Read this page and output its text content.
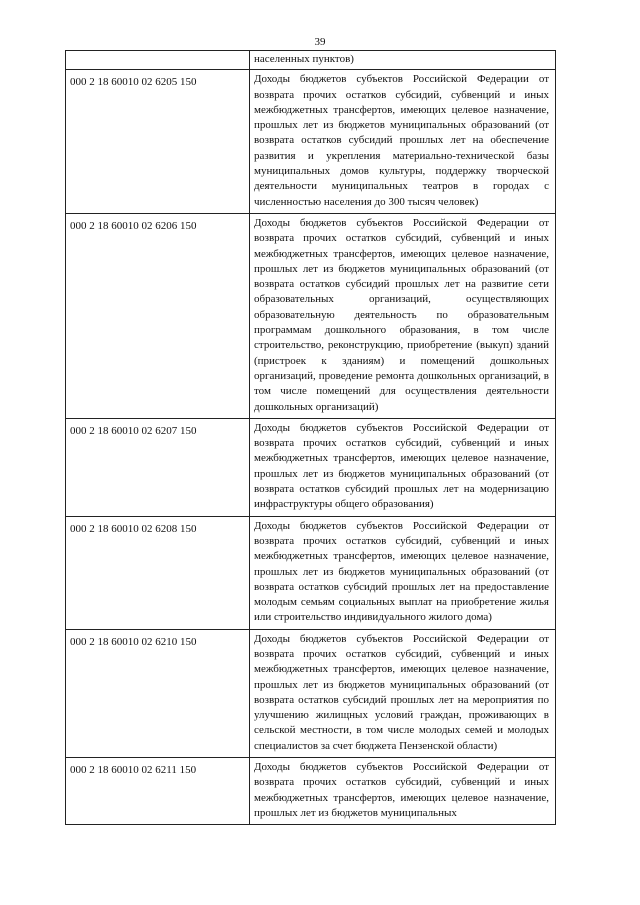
39
	населенных пунктов)
000 2 18 60010 02 6205 150	Доходы бюджетов субъектов Российской Федерации от возврата прочих остатков субсидий, субвенций и иных межбюджетных трансфертов, имеющих целевое назначение, прошлых лет из бюджетов муниципальных образований (от возврата остатков субсидий прошлых лет на обеспечение развития и укрепления материально-технической базы муниципальных домов культуры, поддержку творческой деятельности муниципальных театров в городах с численностью населения до 300 тысяч человек)
000 2 18 60010 02 6206 150	Доходы бюджетов субъектов Российской Федерации от возврата прочих остатков субсидий, субвенций и иных межбюджетных трансфертов, имеющих целевое назначение, прошлых лет из бюджетов муниципальных образований (от возврата остатков субсидий прошлых лет на развитие сети образовательных организаций, осуществляющих образовательную деятельность по образовательным программам дошкольного образования, в том числе строительство, реконструкцию, приобретение (выкуп) зданий (пристроек к зданиям) и помещений дошкольных организаций, проведение ремонта дошкольных организаций, в том числе помещений для осуществления деятельности дошкольных организаций)
000 2 18 60010 02 6207 150	Доходы бюджетов субъектов Российской Федерации от возврата прочих остатков субсидий, субвенций и иных межбюджетных трансфертов, имеющих целевое назначение, прошлых лет из бюджетов муниципальных образований (от возврата остатков субсидий прошлых лет на модернизацию инфраструктуры общего образования)
000 2 18 60010 02 6208 150	Доходы бюджетов субъектов Российской Федерации от возврата прочих остатков субсидий, субвенций и иных межбюджетных трансфертов, имеющих целевое назначение, прошлых лет из бюджетов муниципальных образований (от возврата остатков субсидий прошлых лет на предоставление молодым семьям социальных выплат на приобретение жилья или строительство индивидуального жилого дома)
000 2 18 60010 02 6210 150	Доходы бюджетов субъектов Российской Федерации от возврата прочих остатков субсидий, субвенций и иных межбюджетных трансфертов, имеющих целевое назначение, прошлых лет из бюджетов муниципальных образований (от возврата остатков субсидий прошлых лет на мероприятия по улучшению жилищных условий граждан, проживающих в сельской местности, в том числе молодых семей и молодых специалистов за счет бюджета Пензенской области)
000 2 18 60010 02 6211 150	Доходы бюджетов субъектов Российской Федерации от возврата прочих остатков субсидий, субвенций и иных межбюджетных трансфертов, имеющих целевое назначение, прошлых лет из бюджетов муниципальных
